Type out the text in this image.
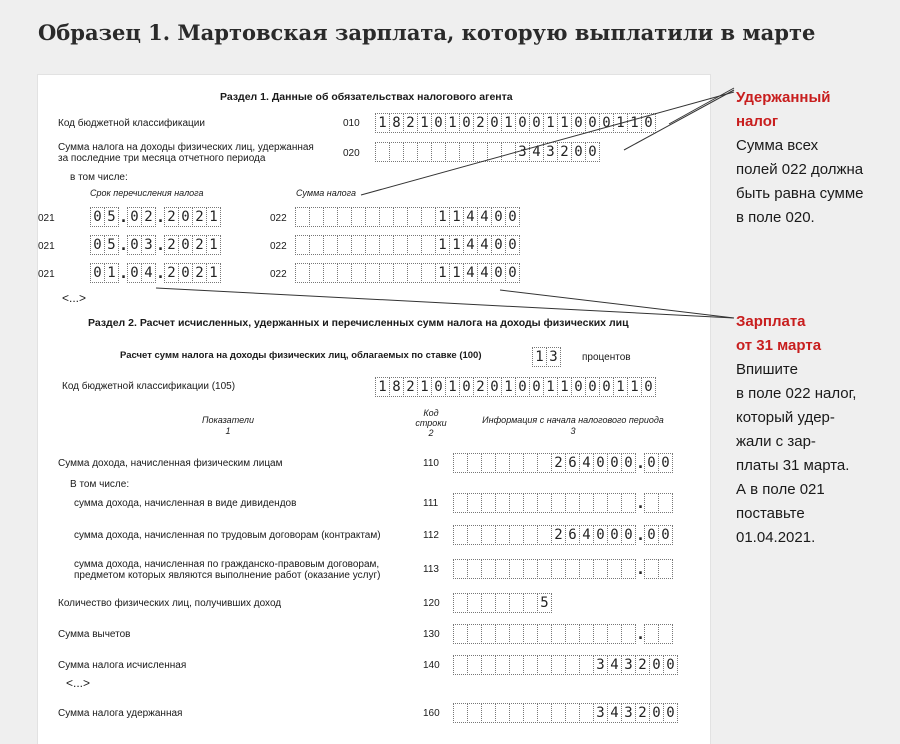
Образец 1. Мартовская зарплата, которую выплатили в марте
Раздел 1. Данные об обязательствах налогового агента
Код бюджетной классификации	010 1 8 2 1 0 1 0 2 0 1 0 0 1 1 0 0 0 1 1 0
Сумма налога на доходы физических лиц, удержанная
за последние три месяца отчетного периода	020	3 4 3 2 0 0
в том числе:
Срок перечисления налога	Сумма налога
021	0 5 . 0 2 . 2 0 2 1	022	1 1 4 4 0 0
021	0 5 . 0 3 . 2 0 2 1	022	1 1 4 4 0 0
021	0 1 . 0 4 . 2 0 2 1	022	1 1 4 4 0 0
<...>
Раздел 2. Расчет исчисленных, удержанных и перечисленных сумм налога на доходы физических лиц
Расчет сумм налога на доходы физических лиц, облагаемых по ставке (100)	1 3	процентов
Код бюджетной классификации (105)	1 8 2 1 0 1 0 2 0 1 0 0 1 1 0 0 0 1 1 0
Показатели
1
Код
строки
2
Информация с начала налогового периода
3
Сумма дохода, начисленная физическим лицам	110	2 6 4 0 0 0 . 0 0
В том числе:
сумма дохода, начисленная в виде дивидендов	111	.
сумма дохода, начисленная по трудовым договорам (контрактам)	112	2 6 4 0 0 0 . 0 0
сумма дохода, начисленная по гражданско-правовым договорам,
предметом которых являются выполнение работ (оказание услуг)
113	.
Количество физических лиц, получивших доход	120	5
Сумма вычетов	130	.
Сумма налога исчисленная	140	3 4 3 2 0 0
<...>
Сумма налога удержанная	160	3 4 3 2 0 0
Удержанный
налог
Сумма всех
полей 022 должна
быть равна сумме
в поле 020.
Зарплата
от 31 марта
Впишите
в поле 022 налог,
который удер-
жали с зар-
платы 31 марта.
А в поле 021
поставьте
01.04.2021.
